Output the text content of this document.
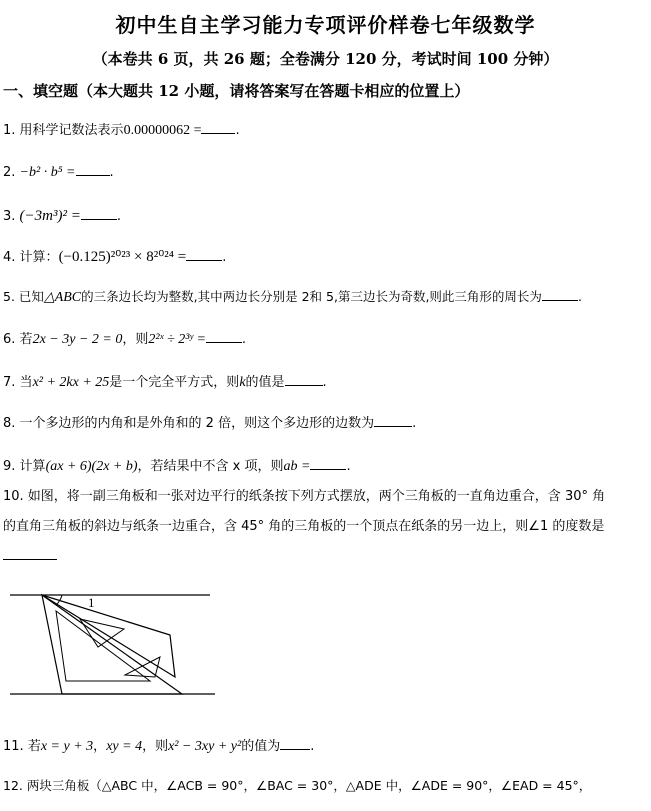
初中生自主学习能力专项评价样卷七年级数学
（本卷共 6 页，共 26 题；全卷满分 120 分，考试时间 100 分钟）
一、填空题（本大题共 12 小题，请将答案写在答题卡相应的位置上）
1. 用科学记数法表示0.00000062 =	.
2. −b² · b⁵ =	.
3. (−3m³)² =	.
4. 计算：(−0.125)²⁰²³ × 8²⁰²⁴ =	.
5. 已知△ABC的三条边长均为整数,其中两边长分别是 2和 5,第三边长为奇数,则此三角形的周长为	.
6. 若2x − 3y − 2 = 0，则2²ˣ ÷ 2³ʸ =	.
7. 当x² + 2kx + 25是一个完全平方式，则k的值是	.
8. 一个多边形的内角和是外角和的 2 倍，则这个多边形的边数为	.
9. 计算(ax + 6)(2x + b)，若结果中不含 x 项，则ab =	.
10. 如图，将一副三角板和一张对边平行的纸条按下列方式摆放，两个三角板的一直角边重合，含 30° 角
的直角三角板的斜边与纸条一边重合，含 45° 角的三角板的一个顶点在纸条的另一边上，则∠1 的度数是
1
11. 若x = y + 3，xy = 4，则x² − 3xy + y²的值为 .
12. 两块三角板（△ABC 中，∠ACB = 90°，∠BAC = 30°，△ADE 中，∠ADE = 90°，∠EAD = 45°，
